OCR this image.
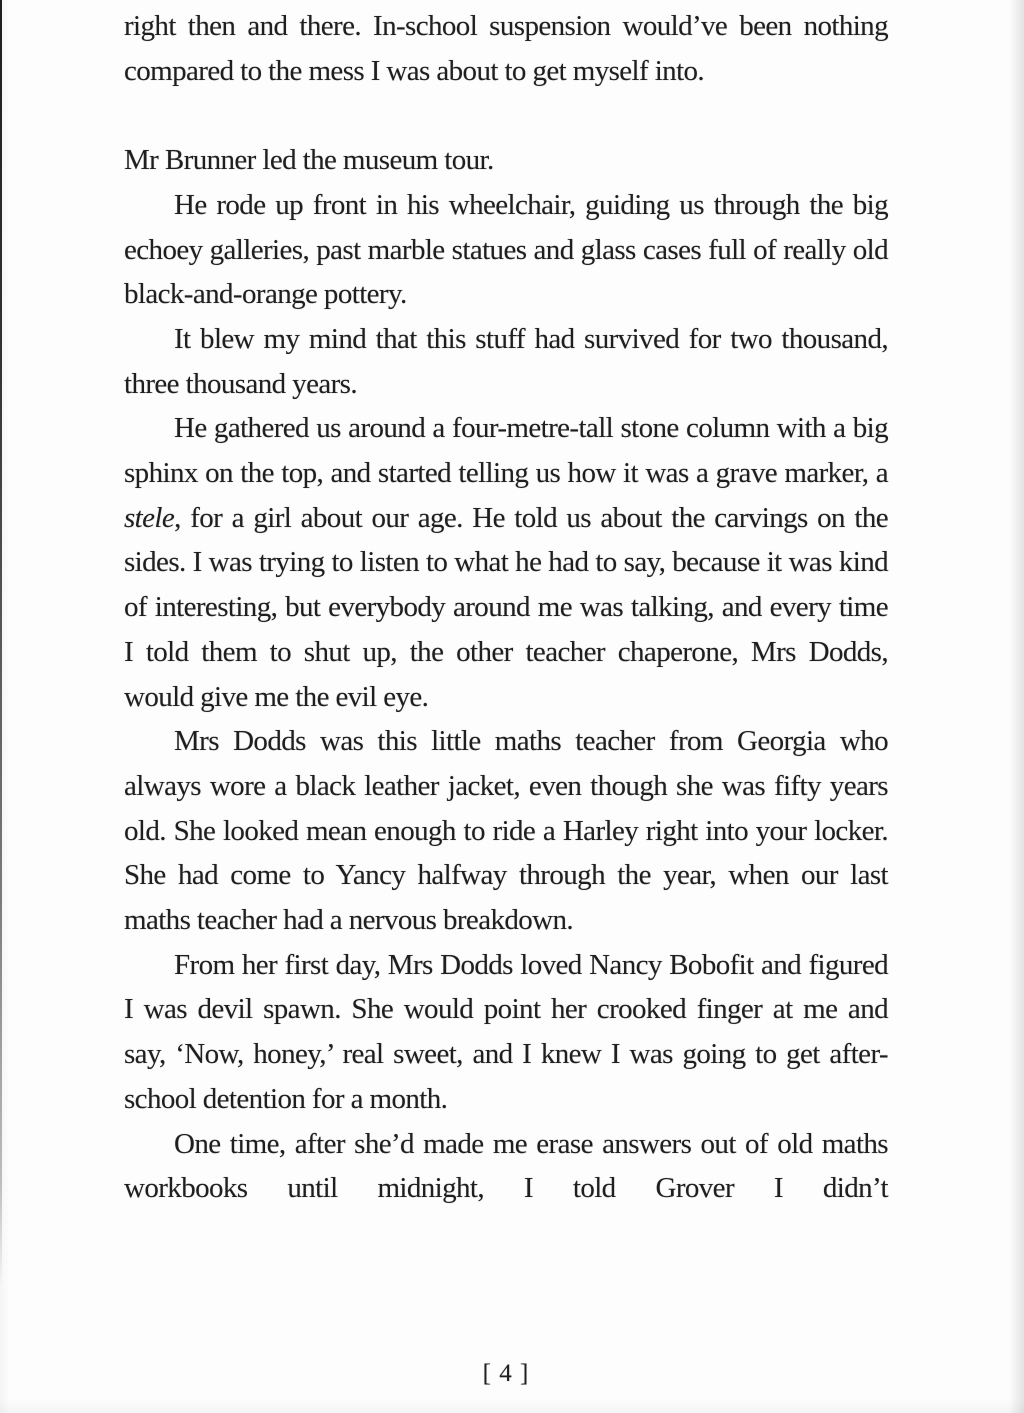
right then and there. In-school suspension would’ve been nothing compared to the mess I was about to get myself into.

Mr Brunner led the museum tour.

He rode up front in his wheelchair, guiding us through the big echoey galleries, past marble statues and glass cases full of really old black-and-orange pottery.

It blew my mind that this stuff had survived for two thousand, three thousand years.

He gathered us around a four-metre-tall stone column with a big sphinx on the top, and started telling us how it was a grave marker, a stele, for a girl about our age. He told us about the carvings on the sides. I was trying to listen to what he had to say, because it was kind of interesting, but everybody around me was talking, and every time I told them to shut up, the other teacher chaperone, Mrs Dodds, would give me the evil eye.

Mrs Dodds was this little maths teacher from Georgia who always wore a black leather jacket, even though she was fifty years old. She looked mean enough to ride a Harley right into your locker. She had come to Yancy halfway through the year, when our last maths teacher had a nervous breakdown.

From her first day, Mrs Dodds loved Nancy Bobofit and figured I was devil spawn. She would point her crooked finger at me and say, ‘Now, honey,’ real sweet, and I knew I was going to get after-school detention for a month.

One time, after she’d made me erase answers out of old maths workbooks until midnight, I told Grover I didn’t

[ 4 ]
